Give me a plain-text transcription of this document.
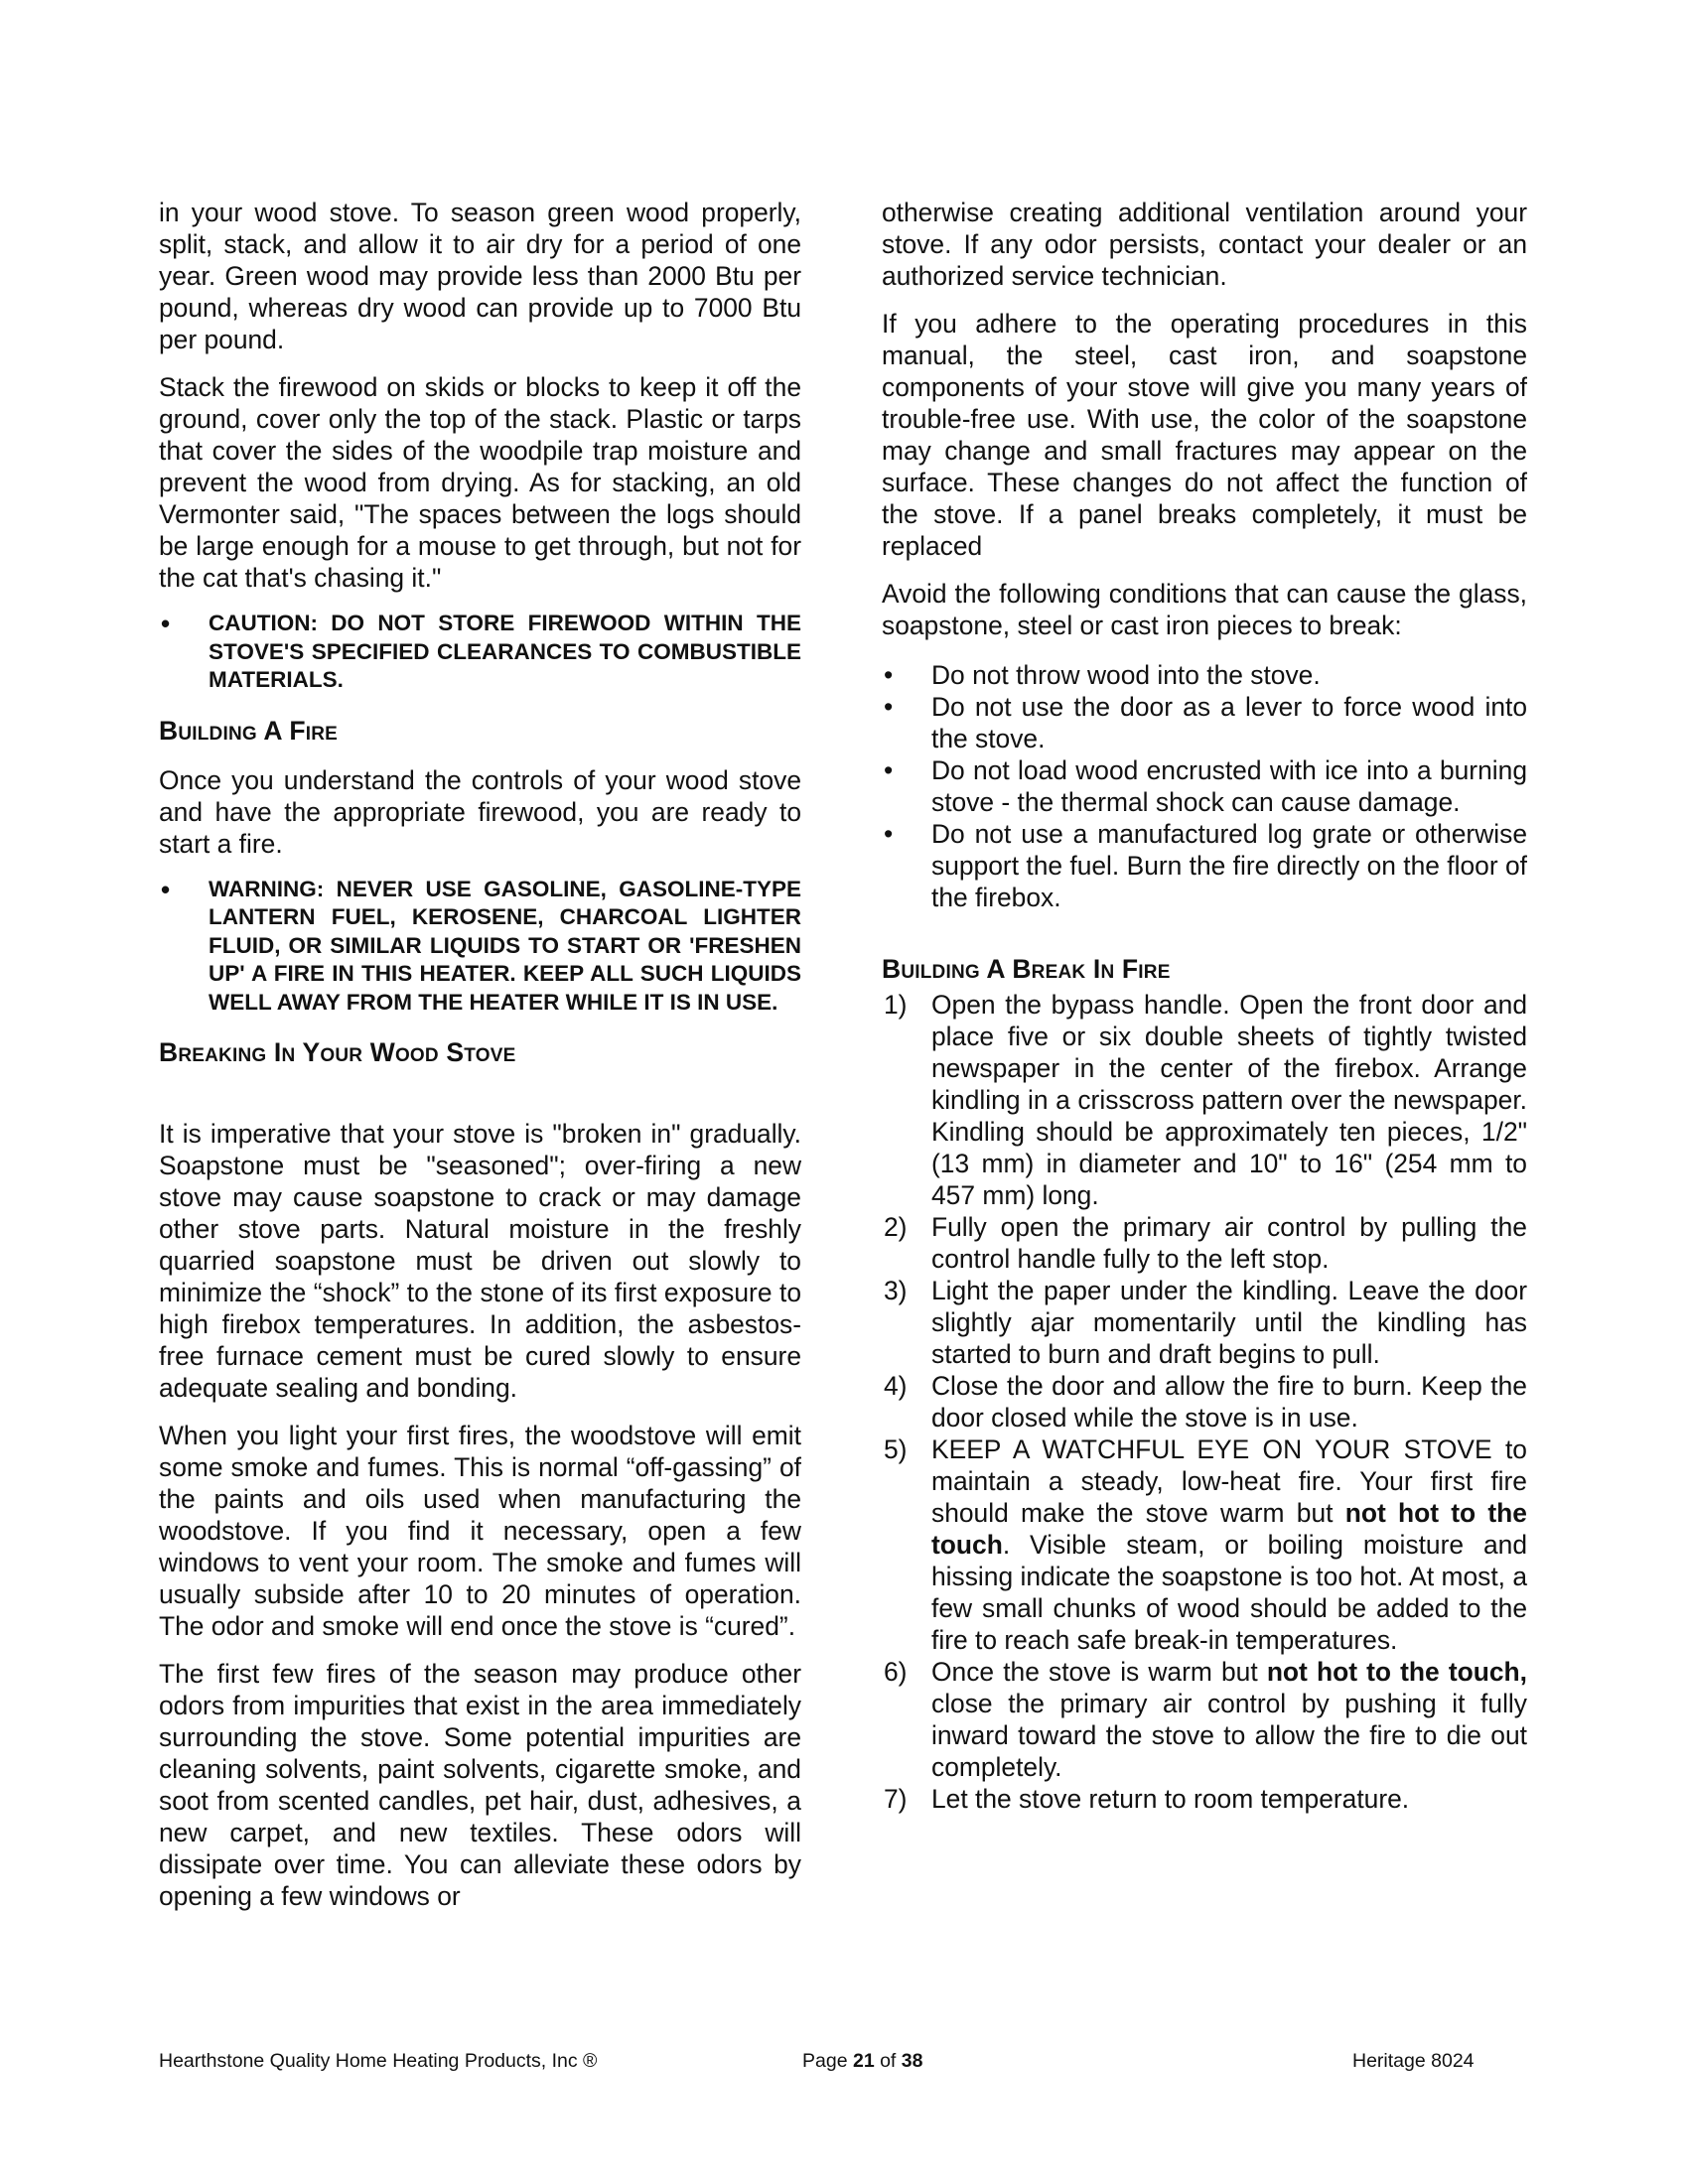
in your wood stove. To season green wood properly, split, stack, and allow it to air dry for a period of one year. Green wood may provide less than 2000 Btu per pound, whereas dry wood can provide up to 7000 Btu per pound.

Stack the firewood on skids or blocks to keep it off the ground, cover only the top of the stack. Plastic or tarps that cover the sides of the woodpile trap moisture and prevent the wood from drying. As for stacking, an old Vermonter said, "The spaces between the logs should be large enough for a mouse to get through, but not for the cat that's chasing it."

• CAUTION: DO NOT STORE FIREWOOD WITHIN THE STOVE'S SPECIFIED CLEARANCES TO COMBUSTIBLE MATERIALS.
Building A Fire

Once you understand the controls of your wood stove and have the appropriate firewood, you are ready to start a fire.

• WARNING: NEVER USE GASOLINE, GASOLINE-TYPE LANTERN FUEL, KEROSENE, CHARCOAL LIGHTER FLUID, OR SIMILAR LIQUIDS TO START OR 'FRESHEN UP' A FIRE IN THIS HEATER. KEEP ALL SUCH LIQUIDS WELL AWAY FROM THE HEATER WHILE IT IS IN USE.
Breaking In Your Wood Stove

It is imperative that your stove is "broken in" gradually. Soapstone must be "seasoned"; over-firing a new stove may cause soapstone to crack or may damage other stove parts. Natural moisture in the freshly quarried soapstone must be driven out slowly to minimize the “shock” to the stone of its first exposure to high firebox temperatures. In addition, the asbestos-free furnace cement must be cured slowly to ensure adequate sealing and bonding.

When you light your first fires, the woodstove will emit some smoke and fumes. This is normal “off-gassing” of the paints and oils used when manufacturing the woodstove. If you find it necessary, open a few windows to vent your room. The smoke and fumes will usually subside after 10 to 20 minutes of operation. The odor and smoke will end once the stove is “cured”.

The first few fires of the season may produce other odors from impurities that exist in the area immediately surrounding the stove. Some potential impurities are cleaning solvents, paint solvents, cigarette smoke, and soot from scented candles, pet hair, dust, adhesives, a new carpet, and new textiles. These odors will dissipate over time. You can alleviate these odors by opening a few windows or

otherwise creating additional ventilation around your stove. If any odor persists, contact your dealer or an authorized service technician.

If you adhere to the operating procedures in this manual, the steel, cast iron, and soapstone components of your stove will give you many years of trouble-free use. With use, the color of the soapstone may change and small fractures may appear on the surface. These changes do not affect the function of the stove. If a panel breaks completely, it must be replaced

Avoid the following conditions that can cause the glass, soapstone, steel or cast iron pieces to break:

• Do not throw wood into the stove.
• Do not use the door as a lever to force wood into the stove.
• Do not load wood encrusted with ice into a burning stove - the thermal shock can cause damage.
• Do not use a manufactured log grate or otherwise support the fuel. Burn the fire directly on the floor of the firebox.
Building A Break In Fire
1) Open the bypass handle. Open the front door and place five or six double sheets of tightly twisted newspaper in the center of the firebox. Arrange kindling in a crisscross pattern over the newspaper. Kindling should be approximately ten pieces, 1/2" (13 mm) in diameter and 10" to 16" (254 mm to 457 mm) long.
2) Fully open the primary air control by pulling the control handle fully to the left stop.
3) Light the paper under the kindling. Leave the door slightly ajar momentarily until the kindling has started to burn and draft begins to pull.
4) Close the door and allow the fire to burn. Keep the door closed while the stove is in use.
5) KEEP A WATCHFUL EYE ON YOUR STOVE to maintain a steady, low-heat fire. Your first fire should make the stove warm but not hot to the touch. Visible steam, or boiling moisture and hissing indicate the soapstone is too hot. At most, a few small chunks of wood should be added to the fire to reach safe break-in temperatures.
6) Once the stove is warm but not hot to the touch, close the primary air control by pushing it fully inward toward the stove to allow the fire to die out completely.
7) Let the stove return to room temperature.
Hearthstone Quality Home Heating Products, Inc ®	Page 21 of 38	Heritage 8024
